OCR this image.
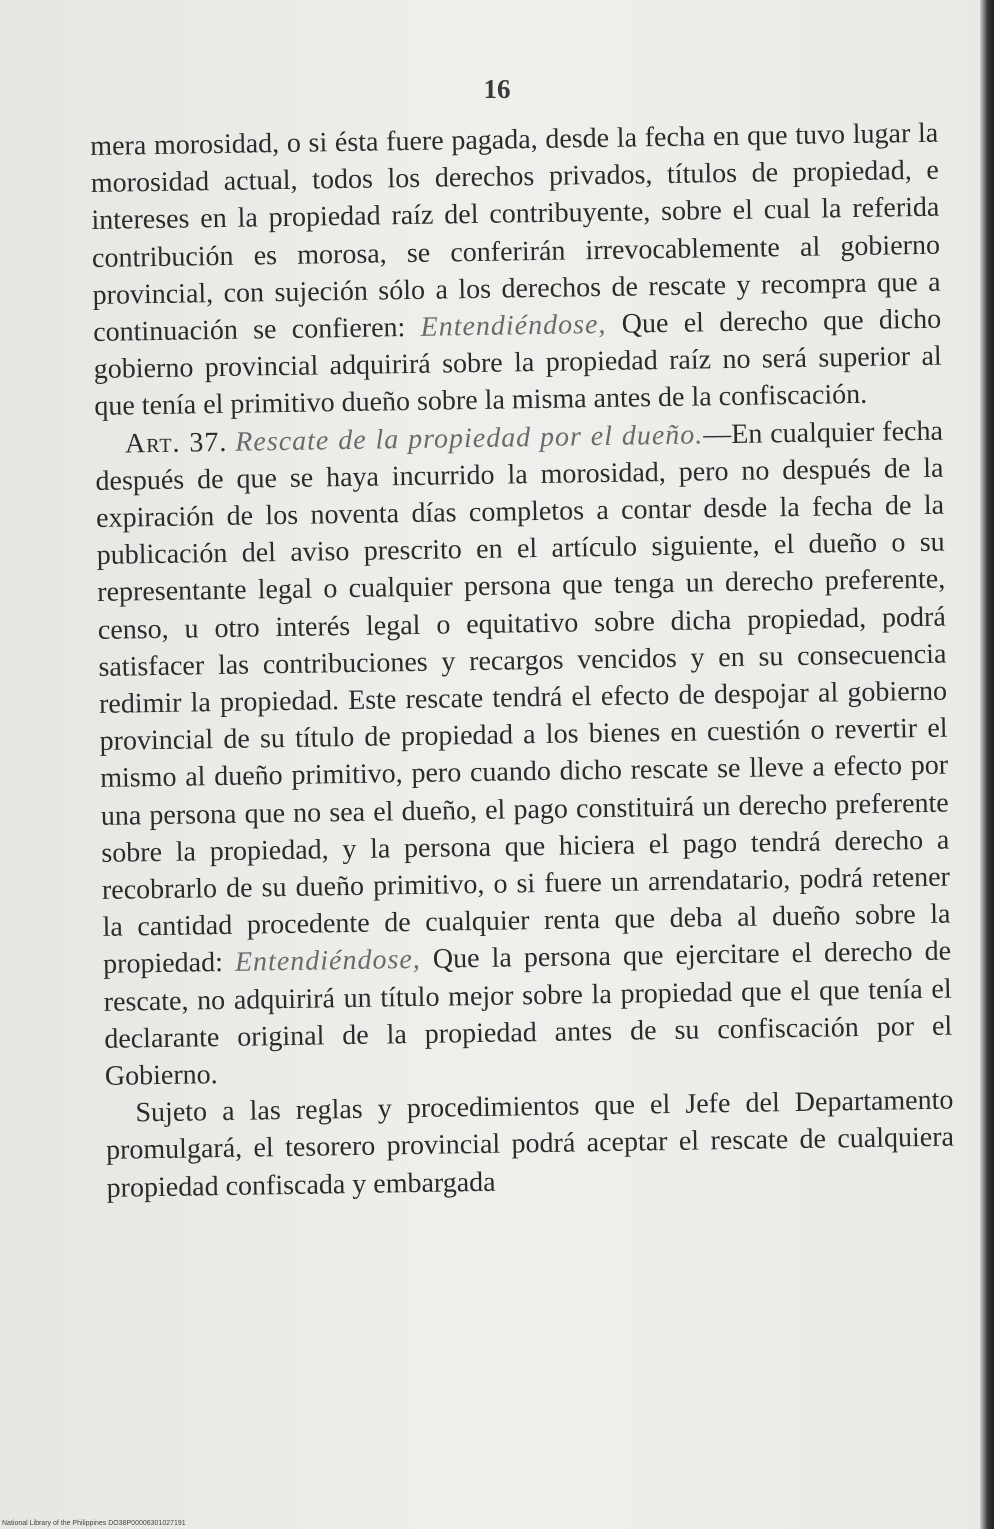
16

mera morosidad, o si ésta fuere pagada, desde la fecha en que tuvo lugar la morosidad actual, todos los derechos privados, títulos de propiedad, e intereses en la propiedad raíz del contribuyente, sobre el cual la referida contribución es morosa, se conferirán irrevocablemente al gobierno provincial, con sujeción sólo a los derechos de rescate y recompra que a continuación se confieren: Entendiéndose, Que el derecho que dicho gobierno provincial adquirirá sobre la propiedad raíz no será superior al que tenía el primitivo dueño sobre la misma antes de la confiscación.

Art. 37. Rescate de la propiedad por el dueño.—En cualquier fecha después de que se haya incurrido la morosidad, pero no después de la expiración de los noventa días completos a contar desde la fecha de la publicación del aviso prescrito en el artículo siguiente, el dueño o su representante legal o cualquier persona que tenga un derecho preferente, censo, u otro interés legal o equitativo sobre dicha propiedad, podrá satisfacer las contribuciones y recargos vencidos y en su consecuencia redimir la propiedad. Este rescate tendrá el efecto de despojar al gobierno provincial de su título de propiedad a los bienes en cuestión o revertir el mismo al dueño primitivo, pero cuando dicho rescate se lleve a efecto por una persona que no sea el dueño, el pago constituirá un derecho preferente sobre la propiedad, y la persona que hiciera el pago tendrá derecho a recobrarlo de su dueño primitivo, o si fuere un arrendatario, podrá retener la cantidad procedente de cualquier renta que deba al dueño sobre la propiedad: Entendiéndose, Que la persona que ejercitare el derecho de rescate, no adquirirá un título mejor sobre la propiedad que el que tenía el declarante original de la propiedad antes de su confiscación por el Gobierno.

Sujeto a las reglas y procedimientos que el Jefe del Departamento promulgará, el tesorero provincial podrá aceptar el rescate de cualquiera propiedad confiscada y embargada

National Library of the Philippines DO38P00006301027191
